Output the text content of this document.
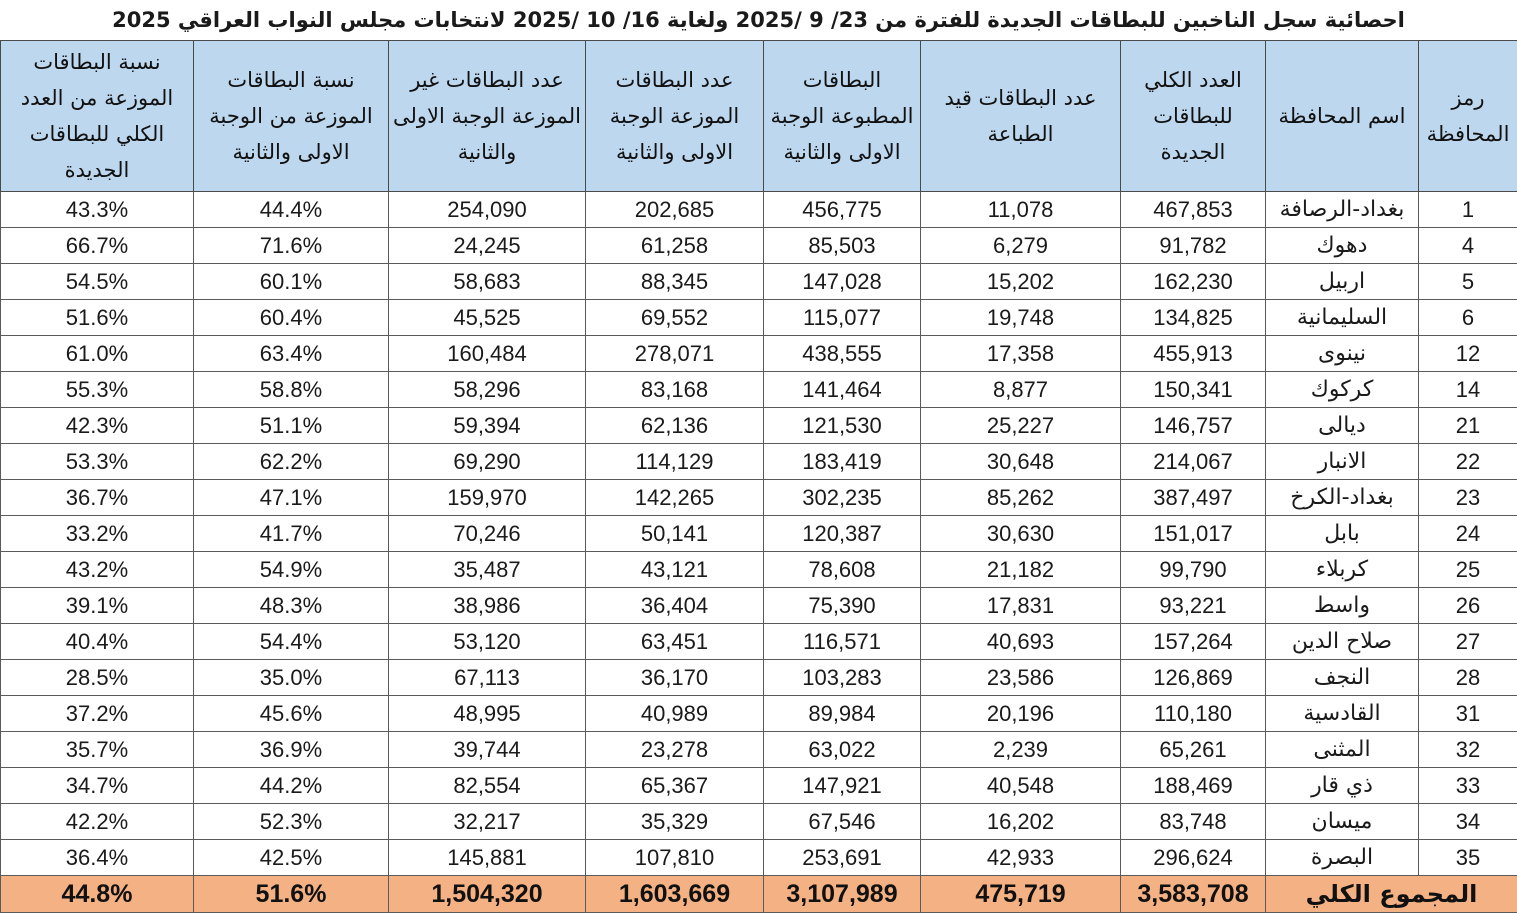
احصائية سجل الناخبين للبطاقات الجديدة للفترة من 23/ 9 /2025 ولغاية 16/ 10 /2025 لانتخابات مجلس النواب العراقي 2025
رمز المحافظة	اسم المحافظة	العدد الكلي للبطاقات الجديدة	عدد البطاقات قيد الطباعة	البطاقات المطبوعة الوجبة الاولى والثانية	عدد البطاقات الموزعة الوجبة الاولى والثانية	عدد البطاقات غير الموزعة الوجبة الاولى والثانية	نسبة البطاقات الموزعة من الوجبة الاولى والثانية	نسبة البطاقات الموزعة من العدد الكلي للبطاقات الجديدة
1	بغداد-الرصافة	467,853	11,078	456,775	202,685	254,090	44.4%	43.3%
4	دهوك	91,782	6,279	85,503	61,258	24,245	71.6%	66.7%
5	اربيل	162,230	15,202	147,028	88,345	58,683	60.1%	54.5%
6	السليمانية	134,825	19,748	115,077	69,552	45,525	60.4%	51.6%
12	نينوى	455,913	17,358	438,555	278,071	160,484	63.4%	61.0%
14	كركوك	150,341	8,877	141,464	83,168	58,296	58.8%	55.3%
21	ديالى	146,757	25,227	121,530	62,136	59,394	51.1%	42.3%
22	الانبار	214,067	30,648	183,419	114,129	69,290	62.2%	53.3%
23	بغداد-الكرخ	387,497	85,262	302,235	142,265	159,970	47.1%	36.7%
24	بابل	151,017	30,630	120,387	50,141	70,246	41.7%	33.2%
25	كربلاء	99,790	21,182	78,608	43,121	35,487	54.9%	43.2%
26	واسط	93,221	17,831	75,390	36,404	38,986	48.3%	39.1%
27	صلاح الدين	157,264	40,693	116,571	63,451	53,120	54.4%	40.4%
28	النجف	126,869	23,586	103,283	36,170	67,113	35.0%	28.5%
31	القادسية	110,180	20,196	89,984	40,989	48,995	45.6%	37.2%
32	المثنى	65,261	2,239	63,022	23,278	39,744	36.9%	35.7%
33	ذي قار	188,469	40,548	147,921	65,367	82,554	44.2%	34.7%
34	ميسان	83,748	16,202	67,546	35,329	32,217	52.3%	42.2%
35	البصرة	296,624	42,933	253,691	107,810	145,881	42.5%	36.4%
المجموع الكلي		3,583,708	475,719	3,107,989	1,603,669	1,504,320	51.6%	44.8%
